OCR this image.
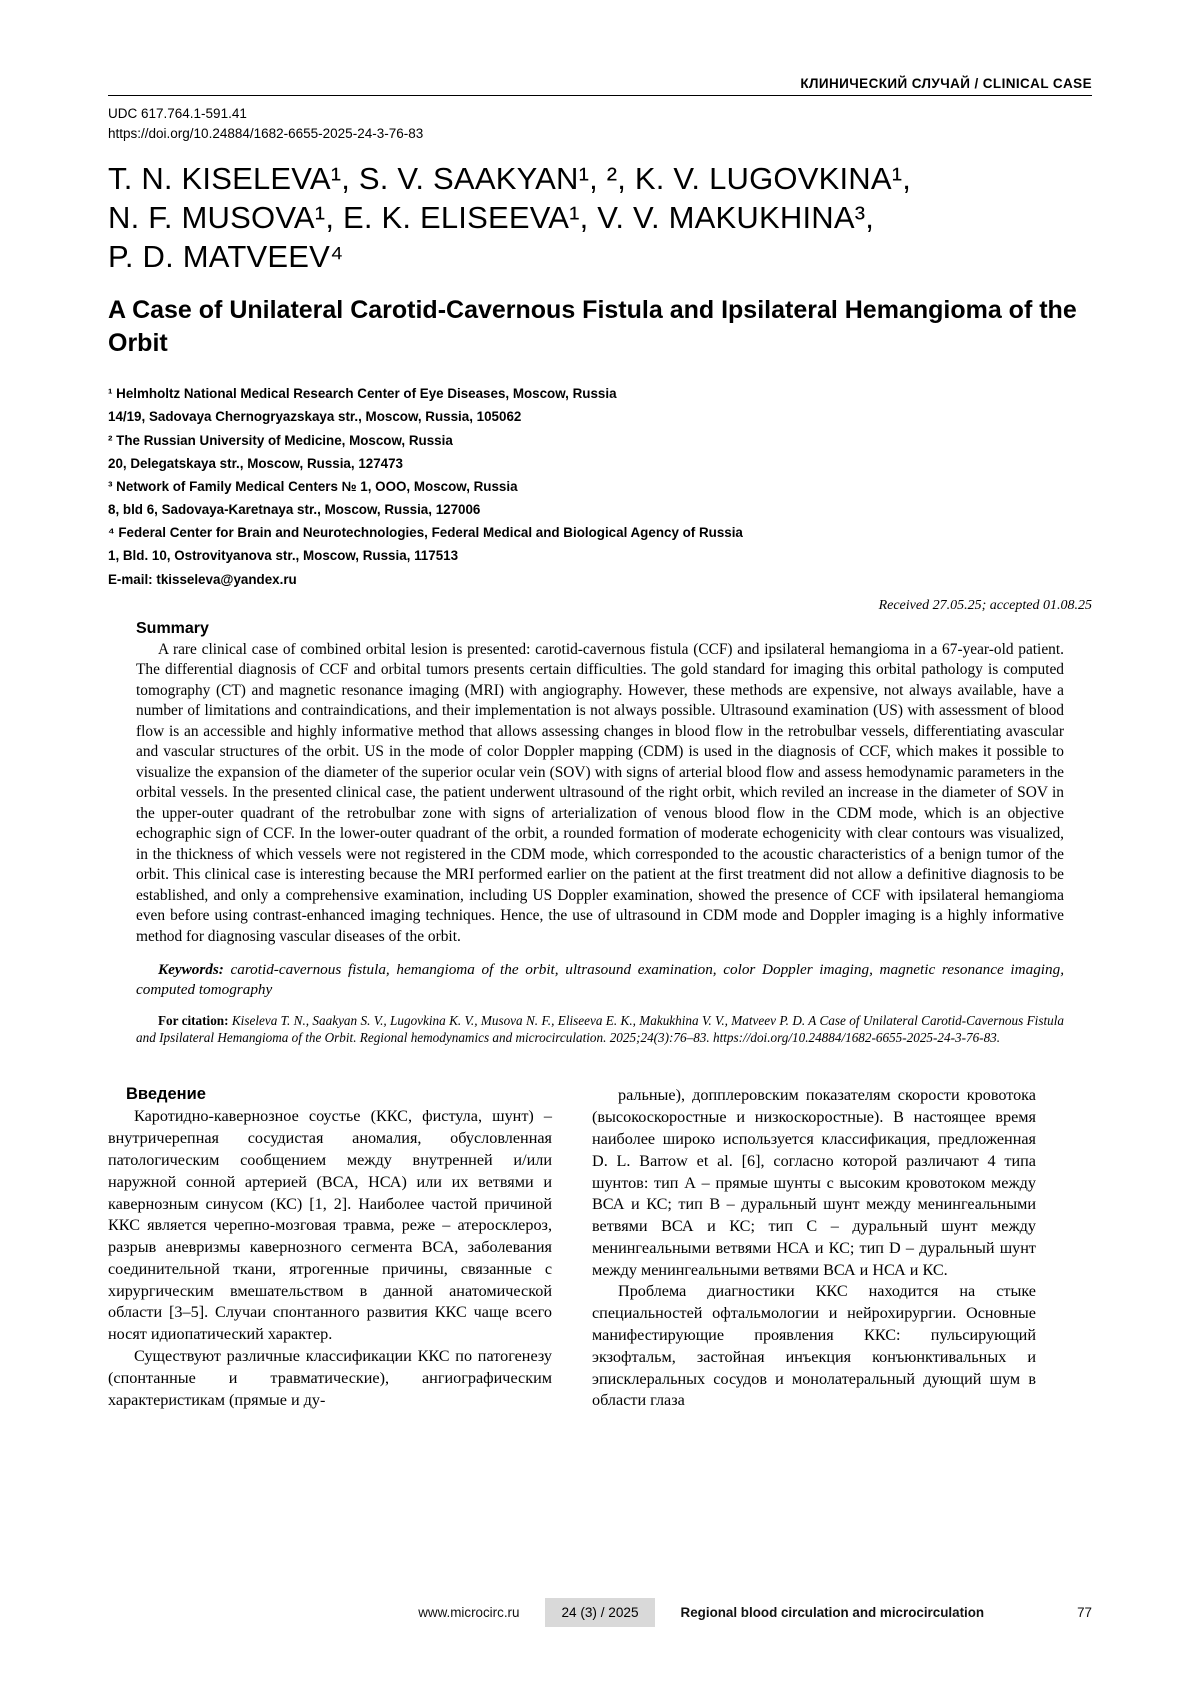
КЛИНИЧЕСКИЙ СЛУЧАЙ / CLINICAL CASE
UDC 617.764.1-591.41
https://doi.org/10.24884/1682-6655-2025-24-3-76-83
T. N. KISELEVA¹, S. V. SAAKYAN¹, ², K. V. LUGOVKINA¹,
N. F. MUSOVA¹, E. K. ELISEEVA¹, V. V. MAKUKHINA³,
P. D. MATVEEV⁴
A Case of Unilateral Carotid-Cavernous Fistula and Ipsilateral Hemangioma of the Orbit
¹ Helmholtz National Medical Research Center of Eye Diseases, Moscow, Russia
14/19, Sadovaya Chernogryazskaya str., Moscow, Russia, 105062
² The Russian University of Medicine, Moscow, Russia
20, Delegatskaya str., Moscow, Russia, 127473
³ Network of Family Medical Centers № 1, ООО, Moscow, Russia
8, bld 6, Sadovaya-Karetnaya str., Moscow, Russia, 127006
⁴ Federal Center for Brain and Neurotechnologies, Federal Medical and Biological Agency of Russia
1, Bld. 10, Ostrovityanova str., Moscow, Russia, 117513
E-mail: tkisseleva@yandex.ru
Received 27.05.25; accepted 01.08.25
Summary

A rare clinical case of combined orbital lesion is presented: carotid-cavernous fistula (CCF) and ipsilateral hemangioma in a 67-year-old patient. The differential diagnosis of CCF and orbital tumors presents certain difficulties. The gold standard for imaging this orbital pathology is computed tomography (CT) and magnetic resonance imaging (MRI) with angiography. However, these methods are expensive, not always available, have a number of limitations and contraindications, and their implementation is not always possible. Ultrasound examination (US) with assessment of blood flow is an accessible and highly informative method that allows assessing changes in blood flow in the retrobulbar vessels, differentiating avascular and vascular structures of the orbit. US in the mode of color Doppler mapping (CDM) is used in the diagnosis of CCF, which makes it possible to visualize the expansion of the diameter of the superior ocular vein (SOV) with signs of arterial blood flow and assess hemodynamic parameters in the orbital vessels. In the presented clinical case, the patient underwent ultrasound of the right orbit, which reviled an increase in the diameter of SOV in the upper-outer quadrant of the retrobulbar zone with signs of arterialization of venous blood flow in the CDM mode, which is an objective echographic sign of CCF. In the lower-outer quadrant of the orbit, a rounded formation of moderate echogenicity with clear contours was visualized, in the thickness of which vessels were not registered in the CDM mode, which corresponded to the acoustic characteristics of a benign tumor of the orbit. This clinical case is interesting because the MRI performed earlier on the patient at the first treatment did not allow a definitive diagnosis to be established, and only a comprehensive examination, including US Doppler examination, showed the presence of CCF with ipsilateral hemangioma even before using contrast-enhanced imaging techniques. Hence, the use of ultrasound in CDM mode and Doppler imaging is a highly informative method for diagnosing vascular diseases of the orbit.

Keywords: carotid-cavernous fistula, hemangioma of the orbit, ultrasound examination, color Doppler imaging, magnetic resonance imaging, computed tomography

For citation: Kiseleva T. N., Saakyan S. V., Lugovkina K. V., Musova N. F., Eliseeva E. K., Makukhina V. V., Matveev P. D. A Case of Unilateral Carotid-Cavernous Fistula and Ipsilateral Hemangioma of the Orbit. Regional hemodynamics and microcirculation. 2025;24(3):76–83. https://doi.org/10.24884/1682-6655-2025-24-3-76-83.

Введение

Каротидно-кавернозное соустье (ККС, фистула, шунт) – внутричерепная сосудистая аномалия, обусловленная патологическим сообщением между внутренней и/или наружной сонной артерией (ВСА, НСА) или их ветвями и кавернозным синусом (КС) [1, 2]. Наиболее частой причиной ККС является черепно-мозговая травма, реже – атеросклероз, разрыв аневризмы кавернозного сегмента ВСА, заболевания соединительной ткани, ятрогенные причины, связанные с хирургическим вмешательством в данной анатомической области [3–5]. Случаи спонтанного развития ККС чаще всего носят идиопатический характер.

Существуют различные классификации ККС по патогенезу (спонтанные и травматические), ангиографическим характеристикам (прямые и ду-

ральные), допплеровским показателям скорости кровотока (высокоскоростные и низкоскоростные). В настоящее время наиболее широко используется классификация, предложенная D. L. Barrow et al. [6], согласно которой различают 4 типа шунтов: тип А – прямые шунты с высоким кровотоком между ВСА и КС; тип В – дуральный шунт между менингеальными ветвями ВСА и КС; тип С – дуральный шунт между менингеальными ветвями НСА и КС; тип D – дуральный шунт между менингеальными ветвями ВСА и НСА и КС.

Проблема диагностики ККС находится на стыке специальностей офтальмологии и нейрохирургии. Основные манифестирующие проявления ККС: пульсирующий экзофтальм, застойная инъекция конъюнктивальных и эписклеральных сосудов и монолатеральный дующий шум в области глаза

www.microcirc.ru	24 (3) / 2025	Regional blood circulation and microcirculation	77
